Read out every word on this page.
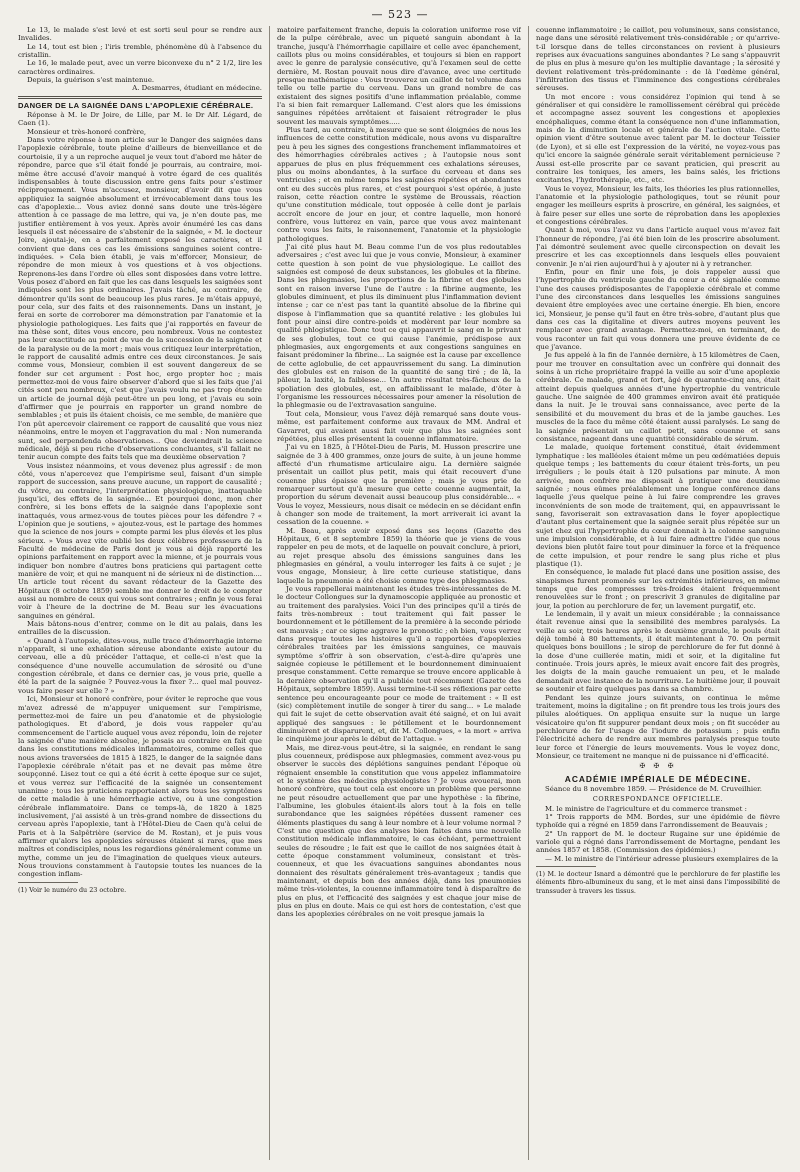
— 523 —

Le 13, le malade s'est levé et est sorti seul pour se rendre aux Invalides.

Le 14, tout est bien ; l'iris tremble, phénomène dû à l'absence du cristallin.

Le 16, le malade peut, avec un verre biconvexe du n° 2 1/2, lire les caractères ordinaires.

Depuis, la guérison s'est maintenue.

A. Desmarres, étudiant en médecine.

DANGER DE LA SAIGNÉE DANS L'APOPLEXIE CÉRÉBRALE.

Réponse à M. le Dr Joire, de Lille, par M. le Dr Alf. Légard, de Caen (1).

Monsieur et très-honoré confrère,

Dans votre réponse à mon article sur le Danger des saignées dans l'apoplexie cérébrale, toute pleine d'ailleurs de bienveillance et de courtoisie, il y a un reproche auquel je veux tout d'abord me hâter de répondre, parce que s'il était fondé je pourrais, au contraire, moi-même être accusé d'avoir manqué à votre égard de ces qualités indispensables à toute discussion entre gens faits pour s'estimer réciproquement. Vous m'accusez, monsieur, d'avoir dit que vous appliquiez la saignée absolument et irrévocablement dans tous les cas d'apoplexie... Vous aviez donné sans doute une très-légère attention à ce passage de ma lettre, qui va, je n'en doute pas, me justifier entièrement à vos yeux. Après avoir énuméré les cas dans lesquels il est nécessaire de s'abstenir de la saignée, « M. le docteur Joire, ajoutai-je, en a parfaitement exposé les caractères, et il convient que dans ces cas les émissions sanguines soient contre-indiquées. » Cela bien établi, je vais m'efforcer, Monsieur, de répondre de mon mieux à vos questions et à vos objections. Reprenons-les dans l'ordre où elles sont disposées dans votre lettre. Vous posez d'abord en fait que les cas dans lesquels les saignées sont indiquées sont les plus ordinaires. J'avais tâché, au contraire, de démontrer qu'ils sont de beaucoup les plus rares. Je m'étais appuyé, pour cela, sur des faits et des raisonnements. Dans un instant, je ferai en sorte de corroborer ma démonstration par l'anatomie et la physiologie pathologiques. Les faits que j'ai rapportés en faveur de ma thèse sont, dites vous encore, peu nombreux. Vous ne contestez pas leur exactitude au point de vue de la succession de la saignée et de la paralysie ou de la mort ; mais vous critiquez leur interprétation, le rapport de causalité admis entre ces deux circonstances. Je sais comme vous, Monsieur, combien il est souvent dangereux de se fonder sur cet argument : Post hoc, ergo propter hoc ; mais permettez-moi de vous faire observer d'abord que si les faits que j'ai cités sont peu nombreux, c'est que j'avais voulu ne pas trop étendre un article de journal déjà peut-être un peu long, et j'avais eu soin d'affirmer que je pourrais en rapporter un grand nombre de semblables ; et puis ils étaient choisis, ce me semble, de manière que l'on pût apercevoir clairement ce rapport de causalité que vous niez néanmoins, entre le moyen et l'aggravation du mal : Non numeranda sunt, sed perpendenda observationes... Que deviendrait la science médicale, déjà si peu riche d'observations concluantes, s'il fallait ne tenir aucun compte des faits tels que ma deuxième observation ?

Vous insistez néanmoins, et vous devenez plus agressif : de mon côté, vous n'apercevez que l'empirisme seul, faisant d'un simple rapport de succession, sans preuve aucune, un rapport de causalité ; du vôtre, au contraire, l'interprétation physiologique, inattaquable jusqu'ici, des effets de la saignée... Et pourquoi donc, mon cher confrère, si les bons effets de la saignée dans l'apoplexie sont inattaqués, vous armez-vous de toutes pièces pour les défendre ? « L'opinion que je soutiens, » ajoutez-vous, est le partage des hommes que la science de nos jours » compte parmi les plus élevés et les plus sérieux. » Vous avez vite oublié les deux célèbres professeurs de la Faculté de médecine de Paris dont je vous ai déjà rapporté les opinions parfaitement en rapport avec la mienne, et je pourrais vous indiquer bon nombre d'autres bons praticiens qui partagent cette manière de voir, et qui ne manquent ni de sérieux ni de distinction.... Un article tout récent du savant rédacteur de la Gazette des Hôpitaux (8 octobre 1859) semble me donner le droit de le compter aussi au nombre de ceux qui vous sont contraires ; enfin je vous ferai voir à l'heure de la doctrine de M. Beau sur les évacuations sanguines en général.

Mais bâtons-nous d'entrer, comme on le dit au palais, dans les entrailles de la discussion.

« Quand à l'autopsie, dites-vous, nulle trace d'hémorrhagie interne n'apparaît, si une exhalation séreuse abondante existe autour du cerveau, elle a dû précéder l'attaque, et celle-ci n'est que la conséquence d'une nouvelle accumulation de sérosité ou d'une congestion cérébrale, et dans ce dernier cas, je vous prie, quelle a été la part de la saignée ? Pouvez-vous la fixer ?... quel mal pouvez-vous faire peser sur elle ? »

Ici, Monsieur et honoré confrère, pour éviter le reproche que vous m'avez adressé de m'appuyer uniquement sur l'empirisme, permettez-moi de faire un peu d'anatomie et de physiologie pathologiques. Et d'abord, je dois vous rappeler qu'au commencement de l'article auquel vous avez répondu, loin de rejeter la saignée d'une manière absolue, je posais au contraire en fait que dans les constitutions médicales inflammatoires, comme celles que nous avions traversées de 1815 à 1825, le danger de la saignée dans l'apoplexie cérébrale n'était pas et ne devait pas même être soupçonné. Lisez tout ce qui a été écrit à cette époque sur ce sujet, et vous verrez sur l'efficacité de la saignée un consentement unanime ; tous les praticiens rapportaient alors tous les symptômes de cette maladie à une hémorrhagie active, ou à une congestion cérébrale inflammatoire. Dans ce temps-là, de 1820 à 1825 inclusivement, j'ai assisté à un très-grand nombre de dissections du cerveau après l'apoplexie, tant à l'Hôtel-Dieu de Caen qu'à celui de Paris et à la Salpêtrière (service de M. Rostan), et je puis vous affirmer qu'alors les apoplexies séreuses étaient si rares, que mes maîtres et condisciples, nous les regardions généralement comme un mythe, comme un jeu de l'imagination de quelques vieux auteurs. Nous trouvions constamment à l'autopsie toutes les nuances de la congestion inflam-

(1) Voir le numéro du 23 octobre.

matoire parfaitement franche, depuis la coloration uniforme rose vif de la pulpe cérébrale, avec un piqueté sanguin abondant à la tranche, jusqu'à l'hémorrhagie capillaire et celle avec épanchement, caillots plus ou moins considérables, et toujours si bien en rapport avec le genre de paralysie consécutive, qu'à l'examen seul de cette dernière, M. Rostan pouvait nous dire d'avance, avec une certitude presque mathématique : Vous trouverez un caillot de tel volume dans telle ou telle partie du cerveau. Dans un grand nombre de cas existaient des signes positifs d'une inflammation préalable, comme l'a si bien fait remarquer Lallemand. C'est alors que les émissions sanguines répétées arrêtaient et faisaient rétrograder le plus souvent les mauvais symptômes.....

Plus tard, au contraire, à mesure que se sont éloignées de nous les influences de cette constitution médicale, nous avons vu disparaître peu à peu les signes des congestions franchement inflammatoires et des hémorrhagies cérébrales actives ; à l'autopsie nous sont apparues de plus en plus fréquemment ces exhalations séreuses, plus ou moins abondantes, à la surface du cerveau et dans ses ventricules ; et en même temps les saignées répétées et abondantes ont eu des succès plus rares, et c'est pourquoi s'est opérée, à juste raison, cette réaction contre le système de Broussais, réaction qu'une constitution médicale, tout opposée à celle dont je parlais accroît encore de jour en jour, et contre laquelle, mon honoré confrère, vous lutterez en vain, parce que vous avez maintenant contre vous les faits, le raisonnement, l'anatomie et la physiologie pathologiques.

J'ai cité plus haut M. Beau comme l'un de vos plus redoutables adversaires ; c'est avec lui que je vous convie, Monsieur, à examiner cette question à son point de vue physiologique. Le caillot des saignées est composé de deux substances, les globules et la fibrine. Dans les phlegmasies, les proportions de la fibrine et des globules sont en raison inverse l'une de l'autre : la fibrine augmente, les globules diminuent, et plus ils diminuent plus l'inflammation devient intense ; car ce n'est pas tant la quantité absolue de la fibrine qui dispose à l'inflammation que sa quantité relative : les globules lui font pour ainsi dire contre-poids et modèrent par leur nombre sa qualité phlogistique. Donc tout ce qui appauvrit le sang en le privant de ses globules, tout ce qui cause l'anémie, prédispose aux phlegmasies, aux engorgements et aux congestions sanguines en faisant prédominer la fibrine... La saignée est la cause par excellence de cette aglobulie, de cet appauvrissement du sang. La diminution des globules est en raison de la quantité de sang tiré ; de là, la pâleur, la laxité, la faiblesse... Un autre résultat très-fâcheux de la spoliation des globules, est, en affaiblissant le malade, d'ôter à l'organisme les ressources nécessaires pour amener la résolution de la phlegmasie ou de l'extravasation sanguine.

Tout cela, Monsieur, vous l'avez déjà remarqué sans doute vous-même, est parfaitement conforme aux travaux de MM. Andral et Gavarret, qui avaient aussi fait voir que plus les saignées sont répétées, plus elles présentent la couenne inflammatoire.

J'ai vu en 1825, à l'Hôtel-Dieu de Paris, M. Husson prescrire une saignée de 3 à 400 grammes, onze jours de suite, à un jeune homme affecté d'un rhumatisme articulaire aigu. La dernière saignée présentait un caillot plus petit, mais qui était recouvert d'une couenne plus épaisse que la première ; mais je vous prie de remarquer surtout qu'à mesure que cette couenne augmentait, la proportion du sérum devenait aussi beaucoup plus considérable... « Vous le voyez, Messieurs, nous disait ce médecin en se décidant enfin à changer son mode de traitement, la mort arriverait ici avant la cessation de la couenne. »

M. Beau, après avoir exposé dans ses leçons (Gazette des Hôpitaux, 6 et 8 septembre 1859) la théorie que je viens de vous rappeler en peu de mots, et de laquelle on pouvait conclure, à priori, au rejet presque absolu des émissions sanguines dans les phlegmasies en général, a voulu interroger les faits à ce sujet ; je vous engage, Monsieur, à lire cette curieuse statistique, dans laquelle la pneumonie a été choisie comme type des phlegmasies.

Je vous rappellerai maintenant les études très-intéressantes de M. le docteur Collongues sur la dynamoscopie appliquée au pronostic et au traitement des paralysies. Voici l'un des principes qu'il a tirés de faits très-nombreux : tout traitement qui fait passer le bourdonnement et le pétillement de la première à la seconde période est mauvais ; car ce signe aggrave le pronostic ; eh bien, vous verrez dans presque toutes les histoires qu'il a rapportées d'apoplexies cérébrales traitées par les émissions sanguines, ce mauvais symptôme s'offrir à son observation, c'est-à-dire qu'après une saignée copieuse le pétillement et le bourdonnement diminuaient presque constamment. Cette remarque se trouve encore applicable à la dernière observation qu'il a publiée tout récemment (Gazette des Hôpitaux, septembre 1859). Aussi termine-t-il ses réflexions par cette sentence peu encourageante pour ce mode de traitement : « Il est (sic) complètement inutile de songer à tirer du sang... » Le malade qui fait le sujet de cette observation avait été saigné, et on lui avait appliqué des sangsues : le pétillement et le bourdonnement diminuèrent et disparurent, et, dit M. Collongues, « la mort » arriva le cinquième jour après le début de l'attaque. »

Mais, me direz-vous peut-être, si la saignée, en rendant le sang plus couenneux, prédispose aux phlegmasies, comment avez-vous pu observer le succès des déplétions sanguines pendant l'époque où régnaient ensemble la constitution que vous appelez inflammatoire et le système des médecins physiologistes ? Je vous avouerai, mon honoré confrère, que tout cela est encore un problème que personne ne peut résoudre actuellement que par une hypothèse : la fibrine, l'albumine, les globules étaient-ils alors tout à la fois en telle surabondance que les saignées répétées dussent ramener ces éléments plastiques du sang à leur nombre et à leur volume normal ? C'est une question que des analyses bien faites dans une nouvelle constitution médicale inflammatoire, le cas échéant, permettraient seules de résoudre ; le fait est que le caillot de nos saignées était à cette époque constamment volumineux, consistant et très-couenneux, et que les évacuations sanguines abondantes nous donnaient des résultats généralement très-avantageux ; tandis que maintenant, et depuis bon des années déjà, dans les pneumonies même très-violentes, la couenne inflammatoire tend à disparaître de plus en plus, et l'efficacité des saignées y est chaque jour mise de plus en plus en doute. Mais ce qui est hors de contestation, c'est que dans les apoplexies cérébrales on ne voit presque jamais la

couenne inflammatoire ; le caillot, peu volumineux, sans consistance, nage dans une sérosité relativement très-considérable ; or qu'arrive-t-il lorsque dans de telles circonstances on revient à plusieurs reprises aux évacuations sanguines abondantes ? Le sang s'appauvrit de plus en plus à mesure qu'on les multiplie davantage ; la sérosité y devient relativement très-prédominante : de là l'œdème général, l'infiltration des tissus et l'imminence des congestions cérébrales séreuses.

Un mot encore : vous considérez l'opinion qui tend à se généraliser et qui considère le ramollissement cérébral qui précède et accompagne assez souvent les congestions et apoplexies encéphaliques, comme étant la conséquence non d'une inflammation, mais de la diminution locale et générale de l'action vitale. Cette opinion vient d'être soutenue avec talent par M. le docteur Teissier (de Lyon), et si elle est l'expression de la vérité, ne voyez-vous pas qu'ici encore la saignée générale serait véritablement pernicieuse ? Aussi est-elle proscrite par ce savant praticien, qui prescrit au contraire les toniques, les amers, les bains salés, les frictions excitantes, l'hydrothérapie, etc., etc.

Vous le voyez, Monsieur, les faits, les théories les plus rationnelles, l'anatomie et la physiologie pathologiques, tout se réunit pour engager les meilleurs esprits à proscrire, en général, les saignées, et à faire peser sur elles une sorte de réprobation dans les apoplexies et congestions cérébrales.

Quant à moi, vous l'avez vu dans l'article auquel vous m'avez fait l'honneur de répondre, j'ai été bien loin de les proscrire absolument. J'ai démontré seulement avec quelle circonspection on devait les prescrire et les cas exceptionnels dans lesquels elles pouvaient convenir. Je n'ai rien aujourd'hui à y ajouter ni à y retrancher.

Enfin, pour en finir une fois, je dois rappeler aussi que l'hypertrophie du ventricule gauche du cœur a été signalée comme l'une des causes prédisposantes de l'apoplexie cérébrale et comme l'une des circonstances dans lesquelles les émissions sanguines devaient être employées avec une certaine énergie. Eh bien, encore ici, Monsieur, je pense qu'il faut en être très-sobre, d'autant plus que dans ces cas la digitaline et divers autres moyens peuvent les remplacer avec grand avantage. Permettez-moi, en terminant, de vous raconter un fait qui vous donnera une preuve évidente de ce que j'avance.

Je fus appelé à la fin de l'année dernière, à 15 kilomètres de Caen, pour me trouver en consultation avec un confrère qui donnait des soins à un riche propriétaire frappé la veille au soir d'une apoplexie cérébrale. Ce malade, grand et fort, âgé de quarante-cinq ans, était atteint depuis quelques années d'une hypertrophie du ventricule gauche. Une saignée de 400 grammes environ avait été pratiquée dans la nuit. Je le trouvai sans connaissance, avec perte de la sensibilité et du mouvement du bras et de la jambe gauches. Les muscles de la face du même côté étaient aussi paralysés. Le sang de la saignée présentait un caillot petit, sans couenne et sans consistance, nageant dans une quantité considérable de sérum.

Le malade, quoique fortement constitué, était évidemment lymphatique : les malléoles étaient même un peu œdématiées depuis quelque temps ; les battements du cœur étaient très-forts, un peu irréguliers ; le pouls était à 120 pulsations par minute. À mon arrivée, mon confrère me disposait à pratiquer une deuxième saignée ; nous eûmes préalablement une longue conférence dans laquelle j'eus quelque peine à lui faire comprendre les graves inconvénients de son mode de traitement, qui, en appauvrissant le sang, favoriserait son extravasation dans le foyer apoplectique d'autant plus certainement que la saignée serait plus répétée sur un sujet chez qui l'hypertrophie du cœur donnait à la colonne sanguine une impulsion considérable, et à lui faire admettre l'idée que nous devions bien plutôt faire tout pour diminuer la force et la fréquence de cette impulsion, et pour rendre le sang plus riche et plus plastique (1).

En conséquence, le malade fut placé dans une position assise, des sinapismes furent promenés sur les extrémités inférieures, en même temps que des compresses très-froides étaient fréquemment renouvelées sur le front ; on prescrivit 3 granules de digitaline par jour, la potion au perchlorure de fer, un lavement purgatif, etc.

Le lendemain, il y avait un mieux considérable ; la connaissance était revenue ainsi que la sensibilité des membres paralysés. La veille au soir, trois heures après le deuxième granule, le pouls était déjà tombé à 80 battements, il était maintenant à 70. On permit quelques bons bouillons ; le sirop de perchlorure de fer fut donné à la dose d'une cuillerée matin, midi et soir, et la digitaline fut continuée. Trois jours après, le mieux avait encore fait des progrès, les doigts de la main gauche remuaient un peu, et le malade demandait avec instance de la nourriture. Le huitième jour, il pouvait se soutenir et faire quelques pas dans sa chambre.

Pendant les quinze jours suivants, on continua le même traitement, moins la digitaline ; on fit prendre tous les trois jours des pilules aloétiques. On appliqua ensuite sur la nuque un large vésicatoire qu'on fit suppurer pendant deux mois ; on fit succéder au perchlorure de fer l'usage de l'iodure de potassium ; puis enfin l'électricité achera de rendre aux membres paralysés presque toute leur force et l'énergie de leurs mouvements. Vous le voyez donc, Monsieur, ce traitement ne manque ni de puissance ni d'efficacité.

✠ ✠ ✠
ACADÉMIE IMPÉRIALE DE MÉDECINE.

Séance du 8 novembre 1859. — Présidence de M. Cruveilhier.

CORRESPONDANCE OFFICIELLE.

M. le ministre de l'agriculture et du commerce transmet :

1° Trois rapports de MM. Bordes, sur une épidémie de fièvre typhoïde qui a régné en 1859 dans l'arrondissement de Beauvais ;

2° Un rapport de M. le docteur Rugaine sur une épidémie de variole qui a régné dans l'arrondissement de Mortagne, pendant les années 1857 et 1858. (Commission des épidémies.)

— M. le ministre de l'intérieur adresse plusieurs exemplaires de la

(1) M. le docteur Isnard a démontré que le perchlorure de fer plastifie les éléments fibro-albumineux du sang, et le met ainsi dans l'impossibilité de transsuder à travers les tissus.
